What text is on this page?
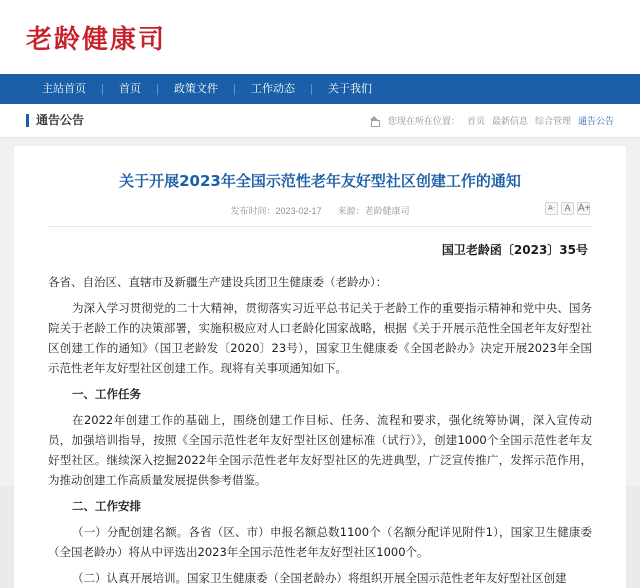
老龄健康司
主站首页	首页	政策文件	工作动态	关于我们
通告公告	您现在所在位置： 首页 最新信息 综合管理 通告公告
关于开展2023年全国示范性老年友好型社区创建工作的通知
发布时间：2023-02-17 来源：老龄健康司	A-	A A+
国卫老龄函〔2023〕35号

各省、自治区、直辖市及新疆生产建设兵团卫生健康委（老龄办）：

为深入学习贯彻党的二十大精神，贯彻落实习近平总书记关于老龄工作的重要指示精神和党中央、国务院关于老龄工作的决策部署，实施积极应对人口老龄化国家战略，根据《关于开展示范性全国老年友好型社区创建工作的通知》（国卫老龄发〔2020〕23号），国家卫生健康委《全国老龄办》决定开展2023年全国示范性老年友好型社区创建工作。现将有关事项通知如下。

一、工作任务

在2022年创建工作的基础上，围绕创建工作目标、任务、流程和要求，强化统筹协调，深入宣传动员，加强培训指导，按照《全国示范性老年友好型社区创建标准（试行）》，创建1000个全国示范性老年友好型社区。继续深入挖掘2022年全国示范性老年友好型社区的先进典型，广泛宣传推广，发挥示范作用，为推动创建工作高质量发展提供参考借鉴。

二、工作安排

（一）分配创建名额。各省（区、市）申报名额总数1100个（名额分配详见附件1），国家卫生健康委（全国老龄办）将从中评选出2023年全国示范性老年友好型社区1000个。

（二）认真开展培训。国家卫生健康委（全国老龄办）将组织开展全国示范性老年友好型社区创建
